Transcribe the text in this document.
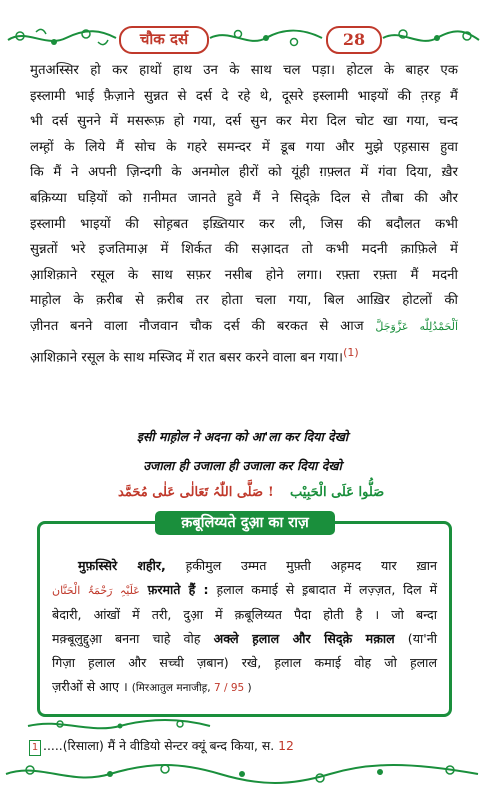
चौक दर्स	28
मुतअस्सिर हो कर हाथों हाथ उन के साथ चल पड़ा। होटल के बाहर एक
इस्लामी भाई फ़ैज़ाने सुन्नत से दर्स दे रहे थे, दूसरे इस्लामी भाइयों की त़रह़ मैं
भी दर्स सुनने में मसरूफ़ हो गया, दर्स सुन कर मेरा दिल चोट खा गया, चन्द
लम्ह़ों के लिये मैं सोच के गहरे समन्दर में डूब गया और मुझे एह़सास हुवा
कि मैं ने अपनी ज़िन्दगी के अनमोल हीरों को यूंही ग़फ़्लत में गंवा दिया, ख़ैर
बक़िय्या घड़ियों को ग़नीमत जानते हुवे मैं ने सिद्क़े दिल से तौबा की और
इस्लामी भाइयों की सोह़बत इख़्तियार कर ली, जिस की बदौलत कभी
सुन्नतों भरे इजतिमाअ़ में शिर्कत की सआ़दत तो कभी मदनी क़ाफ़िले में
आ़शिक़ाने रसूल के साथ सफ़र नसीब होने लगा। रफ़्ता रफ़्ता मैं मदनी
माह़ोल के क़रीब से क़रीब तर होता चला गया, बिल आख़िर होटलों की
ज़ीनत बनने वाला नौजवान चौक दर्स की बरकत से आज اَلْحَمْدُلِلّٰه عَزَّوَجَلَّ
आ़शिक़ाने रसूल के साथ मस्जिद में रात बसर करने वाला बन गया।$^{(1)}$
इसी माह़ोल ने अदना को आ'ला कर दिया देखो
उजाला ही उजाला ही उजाला कर दिया देखो
صَلُّوا عَلَی الْحَبِیْب
!
صَلَّی اللّٰہُ تَعَالٰی عَلٰی مُحَمَّد
क़बूलिय्यते दुआ़ का राज़
मुफ़स्सिरे शहीर, ह़कीमुल उम्मत मुफ़्ती अह़मद यार ख़ान
عَلَیْہِ رَحْمَۃُ الْحَنَّان फ़रमाते हैं : ह़लाल कमाई से इ़बादात में लज़्ज़त, दिल में
बेदारी, आंखों में तरी, दुआ़ में क़बूलिय्यत पैदा होती है । जो बन्दा
मक़्बूलुद्दुआ़ बनना चाहे वोह अक्ले ह़लाल और सिद्क़े मक़ाल (या'नी
गिज़ा ह़लाल और सच्ची ज़बान) रखे, ह़लाल कमाई वोह जो ह़लाल
ज़रीओं से आए । (मिरआतुल मनाजीह़, 7 / 95 )
1 .....(रिसाला) मैं ने वीडियो सेन्टर क्यूं बन्द किया, स. 12
